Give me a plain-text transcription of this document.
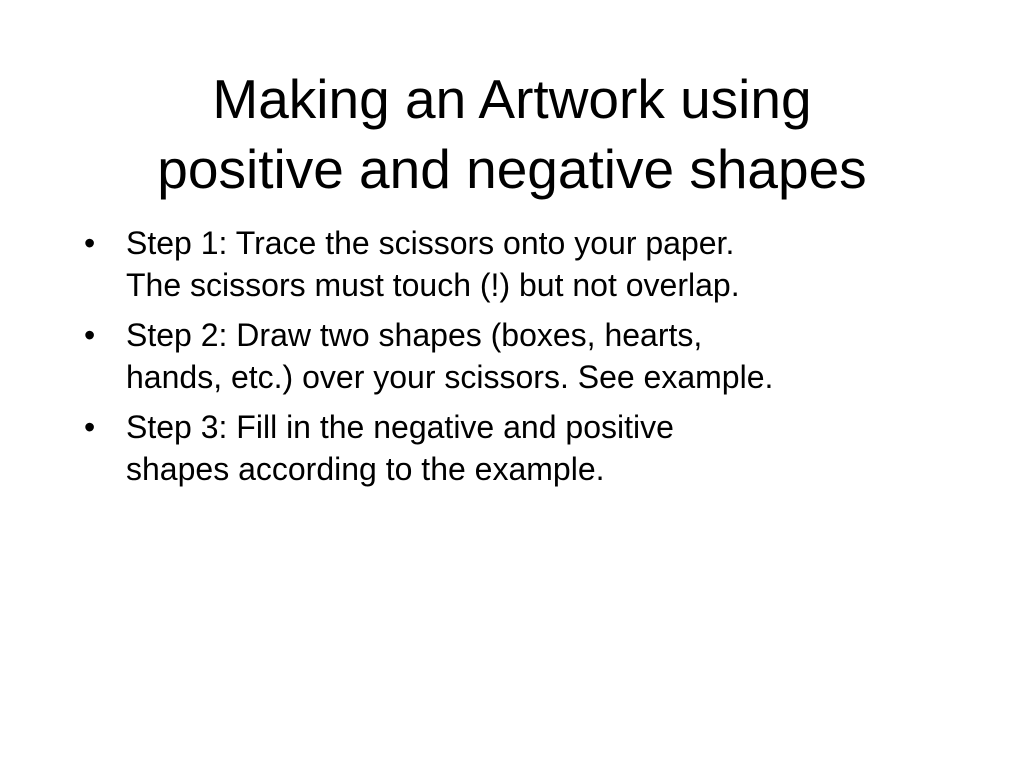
Making an Artwork using
positive and negative shapes
• Step 1: Trace the scissors onto your paper.
The scissors must touch (!) but not overlap.
• Step 2: Draw two shapes (boxes, hearts,
hands, etc.) over your scissors. See example.
• Step 3: Fill in the negative and positive
shapes according to the example.
